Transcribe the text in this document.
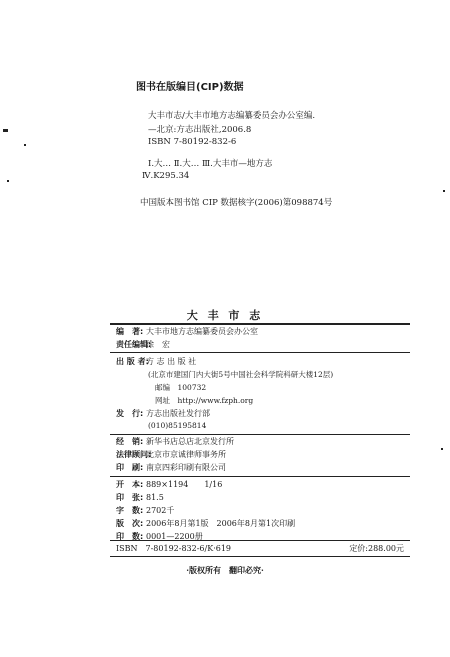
图书在版编目(CIP)数据
大丰市志/大丰市地方志编纂委员会办公室编.
—北京:方志出版社,2006.8
ISBN 7-80192-832-6
Ⅰ.大… Ⅱ.大… Ⅲ.大丰市—地方志
Ⅳ.K295.34
中国版本图书馆 CIP 数据核字(2006)第098874号
大 丰 市 志
编　著: 大丰市地方志编纂委员会办公室
责任编辑:徐　宏
出 版 者:方 志 出 版 社
(北京市建国门内大街5号中国社会科学院科研大楼12层)
邮编　100732
网址　http://www.fzph.org
发　行: 方志出版社发行部
(010)85195814
经　销: 新华书店总店北京发行所
法律顾问:北京市京诚律师事务所
印　刷: 南京四彩印刷有限公司
开　本: 889×1194　　1/16
印　张: 81.5
字　数: 2702千
版　次: 2006年8月第1版　2006年8月第1次印刷
印　数: 0001—2200册
ISBN　7-80192-832-6/K·619	定价:288.00元
·版权所有　翻印必究·
